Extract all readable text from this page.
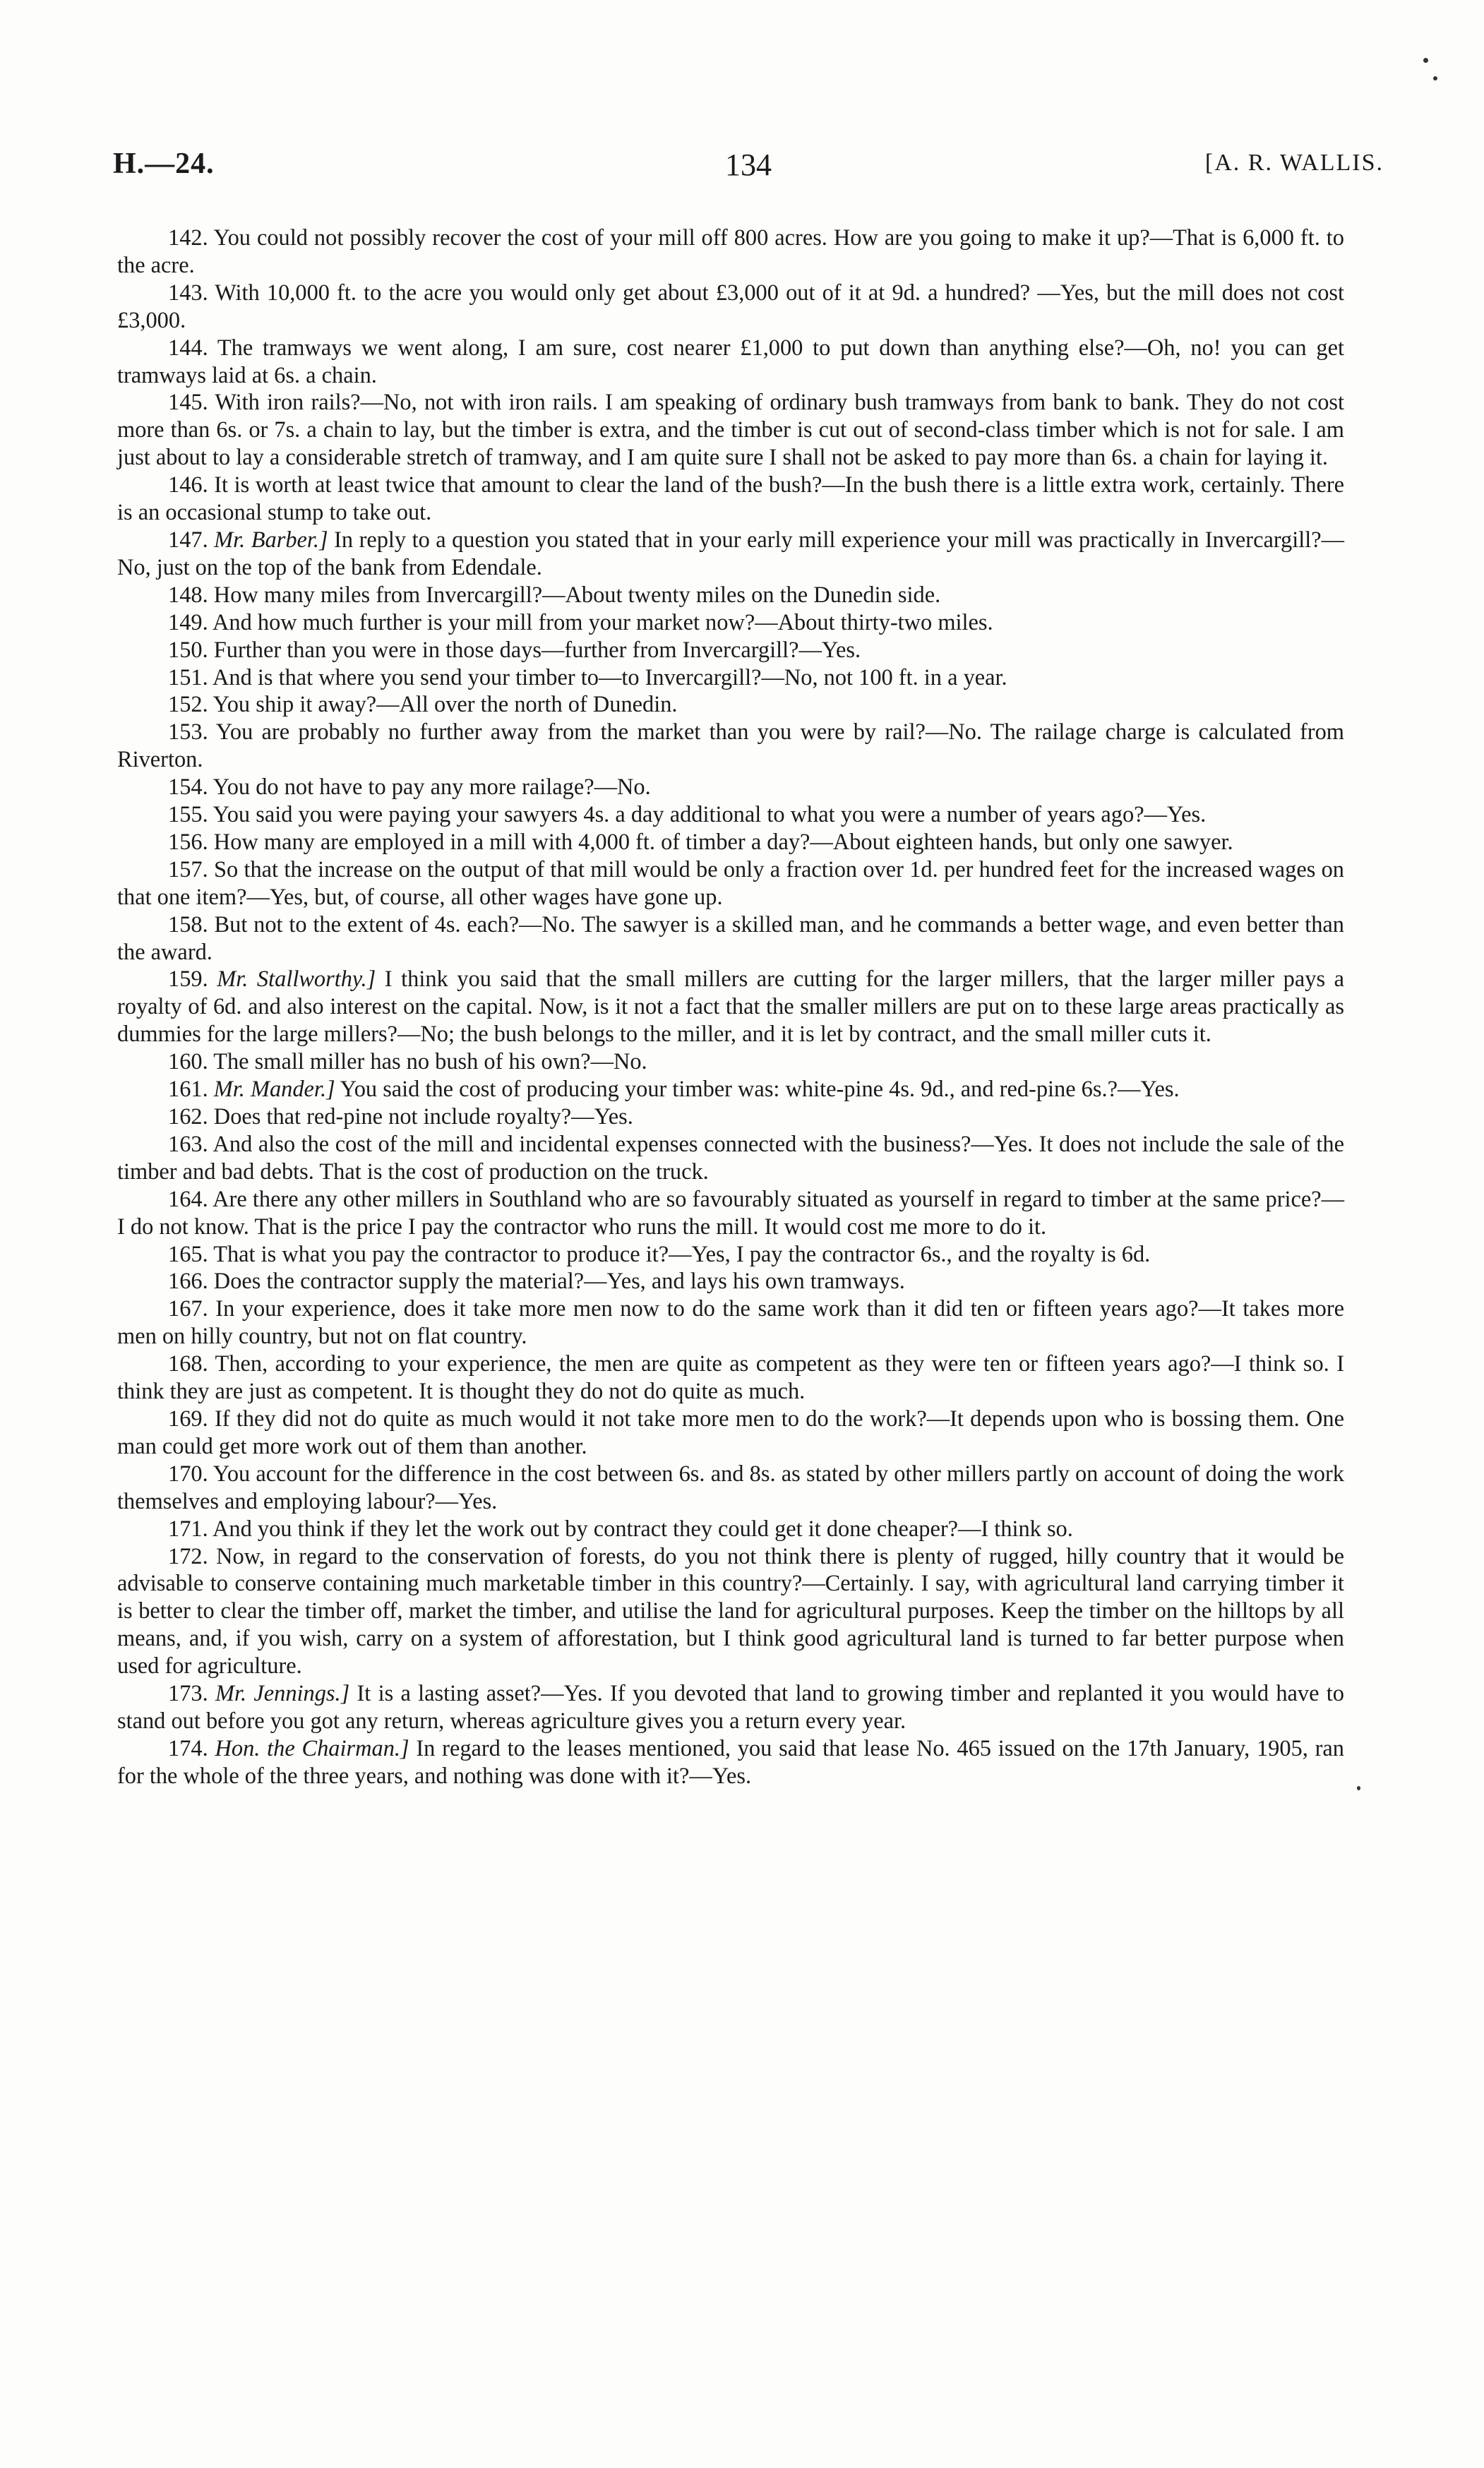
H.—24.	134	[A. R. WALLIS.

142. You could not possibly recover the cost of your mill off 800 acres. How are you going to make it up?—That is 6,000 ft. to the acre.

143. With 10,000 ft. to the acre you would only get about £3,000 out of it at 9d. a hundred? —Yes, but the mill does not cost £3,000.

144. The tramways we went along, I am sure, cost nearer £1,000 to put down than anything else?—Oh, no! you can get tramways laid at 6s. a chain.

145. With iron rails?—No, not with iron rails. I am speaking of ordinary bush tramways from bank to bank. They do not cost more than 6s. or 7s. a chain to lay, but the timber is extra, and the timber is cut out of second-class timber which is not for sale. I am just about to lay a considerable stretch of tramway, and I am quite sure I shall not be asked to pay more than 6s. a chain for laying it.

146. It is worth at least twice that amount to clear the land of the bush?—In the bush there is a little extra work, certainly. There is an occasional stump to take out.

147. Mr. Barber.] In reply to a question you stated that in your early mill experience your mill was practically in Invercargill?—No, just on the top of the bank from Edendale.

148. How many miles from Invercargill?—About twenty miles on the Dunedin side.

149. And how much further is your mill from your market now?—About thirty-two miles.

150. Further than you were in those days—further from Invercargill?—Yes.

151. And is that where you send your timber to—to Invercargill?—No, not 100 ft. in a year.

152. You ship it away?—All over the north of Dunedin.

153. You are probably no further away from the market than you were by rail?—No. The railage charge is calculated from Riverton.

154. You do not have to pay any more railage?—No.

155. You said you were paying your sawyers 4s. a day additional to what you were a number of years ago?—Yes.

156. How many are employed in a mill with 4,000 ft. of timber a day?—About eighteen hands, but only one sawyer.

157. So that the increase on the output of that mill would be only a fraction over 1d. per hundred feet for the increased wages on that one item?—Yes, but, of course, all other wages have gone up.

158. But not to the extent of 4s. each?—No. The sawyer is a skilled man, and he commands a better wage, and even better than the award.

159. Mr. Stallworthy.] I think you said that the small millers are cutting for the larger millers, that the larger miller pays a royalty of 6d. and also interest on the capital. Now, is it not a fact that the smaller millers are put on to these large areas practically as dummies for the large millers?—No; the bush belongs to the miller, and it is let by contract, and the small miller cuts it.

160. The small miller has no bush of his own?—No.

161. Mr. Mander.] You said the cost of producing your timber was: white-pine 4s. 9d., and red-pine 6s.?—Yes.

162. Does that red-pine not include royalty?—Yes.

163. And also the cost of the mill and incidental expenses connected with the business?—Yes. It does not include the sale of the timber and bad debts. That is the cost of production on the truck.

164. Are there any other millers in Southland who are so favourably situated as yourself in regard to timber at the same price?—I do not know. That is the price I pay the contractor who runs the mill. It would cost me more to do it.

165. That is what you pay the contractor to produce it?—Yes, I pay the contractor 6s., and the royalty is 6d.

166. Does the contractor supply the material?—Yes, and lays his own tramways.

167. In your experience, does it take more men now to do the same work than it did ten or fifteen years ago?—It takes more men on hilly country, but not on flat country.

168. Then, according to your experience, the men are quite as competent as they were ten or fifteen years ago?—I think so. I think they are just as competent. It is thought they do not do quite as much.

169. If they did not do quite as much would it not take more men to do the work?—It depends upon who is bossing them. One man could get more work out of them than another.

170. You account for the difference in the cost between 6s. and 8s. as stated by other millers partly on account of doing the work themselves and employing labour?—Yes.

171. And you think if they let the work out by contract they could get it done cheaper?—I think so.

172. Now, in regard to the conservation of forests, do you not think there is plenty of rugged, hilly country that it would be advisable to conserve containing much marketable timber in this country?—Certainly. I say, with agricultural land carrying timber it is better to clear the timber off, market the timber, and utilise the land for agricultural purposes. Keep the timber on the hilltops by all means, and, if you wish, carry on a system of afforestation, but I think good agricultural land is turned to far better purpose when used for agriculture.

173. Mr. Jennings.] It is a lasting asset?—Yes. If you devoted that land to growing timber and replanted it you would have to stand out before you got any return, whereas agriculture gives you a return every year.

174. Hon. the Chairman.] In regard to the leases mentioned, you said that lease No. 465 issued on the 17th January, 1905, ran for the whole of the three years, and nothing was done with it?—Yes.
